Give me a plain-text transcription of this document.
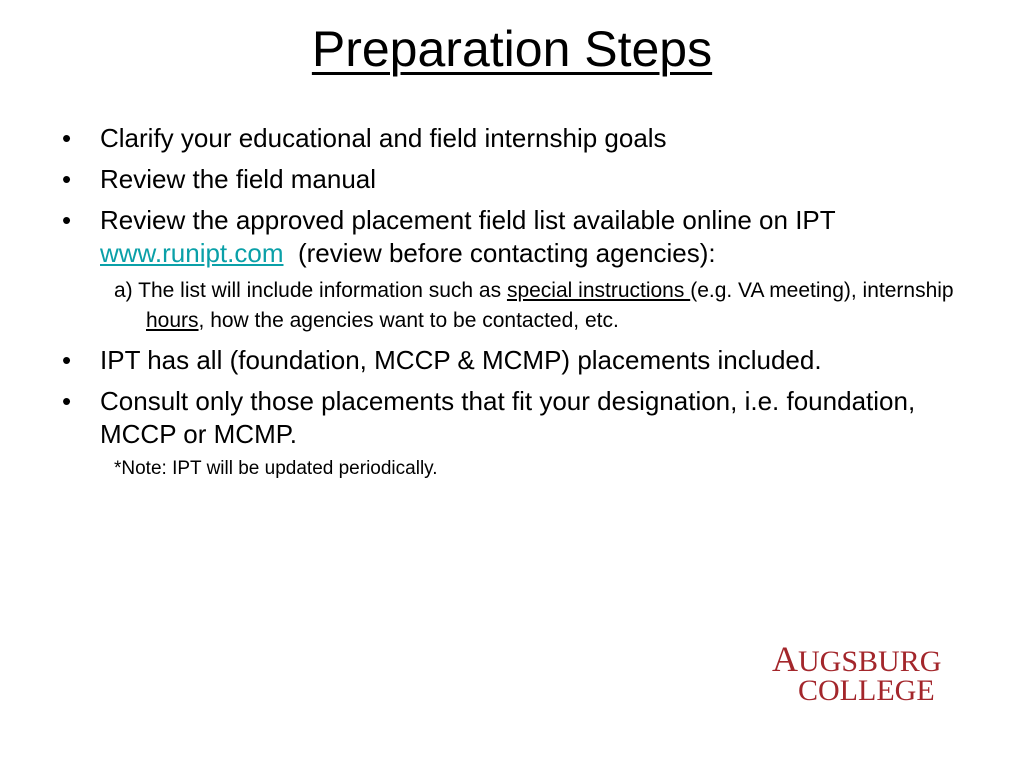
Preparation Steps
• Clarify your educational and field internship goals
• Review the field manual
• Review the approved placement field list available online on IPT
www.runipt.com (review before contacting agencies):
a) The list will include information such as special instructions (e.g. VA meeting), internship hours, how the agencies want to be contacted, etc.
• IPT has all (foundation, MCCP & MCMP) placements included.
• Consult only those placements that fit your designation, i.e. foundation, MCCP or MCMP.
*Note: IPT will be updated periodically.
AUGSBURG
COLLEGE
